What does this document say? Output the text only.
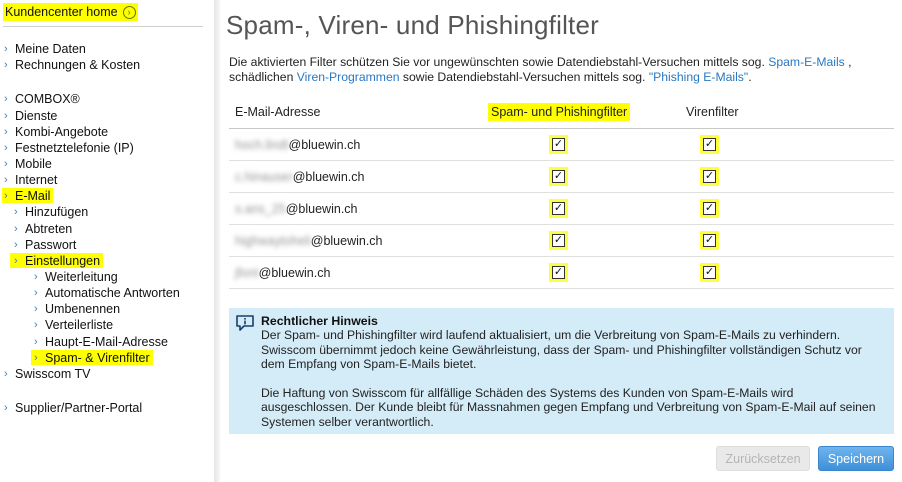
Kundencenter home	›
› Meine Daten
› Rechnungen & Kosten
› COMBOX®
› Dienste
› Kombi-Angebote
› Festnetztelefonie (IP)
› Mobile
› Internet
› E-Mail
› Hinzufügen
› Abtreten
› Passwort
› Einstellungen
› Weiterleitung
› Automatische Antworten
› Umbenennen
› Verteilerliste
› Haupt-E-Mail-Adresse
› Spam- & Virenfilter
› Swisscom TV
› Supplier/Partner-Portal
Spam-, Viren- und Phishingfilter
Die aktivierten Filter schützen Sie vor ungewünschten sowie Datendiebstahl-Versuchen mittels sog. Spam-E-Mails , schädlichen Viren-Programmen sowie Datendiebstahl-Versuchen mittels sog. "Phishing E-Mails".
E-Mail-Adresse	Spam- und Phishingfilter	Virenfilter
hoch.lindt@bluewin.ch	✓	✓
c.hinauser@bluewin.ch	✓	✓
s.ans_25@bluewin.ch	✓	✓
highwaytoheli@bluewin.ch	✓	✓
jfont@bluewin.ch	✓	✓
Rechtlicher Hinweis

Der Spam- und Phishingfilter wird laufend aktualisiert, um die Verbreitung von Spam-E-Mails zu verhindern. Swisscom übernimmt jedoch keine Gewährleistung, dass der Spam- und Phishingfilter vollständigen Schutz vor dem Empfang von Spam-E-Mails bietet.

Die Haftung von Swisscom für allfällige Schäden des Systems des Kunden von Spam-E-Mails wird ausgeschlossen. Der Kunde bleibt für Massnahmen gegen Empfang und Verbreitung von Spam-E-Mail auf seinen Systemen selber verantwortlich.

Zurücksetzen	Speichern
